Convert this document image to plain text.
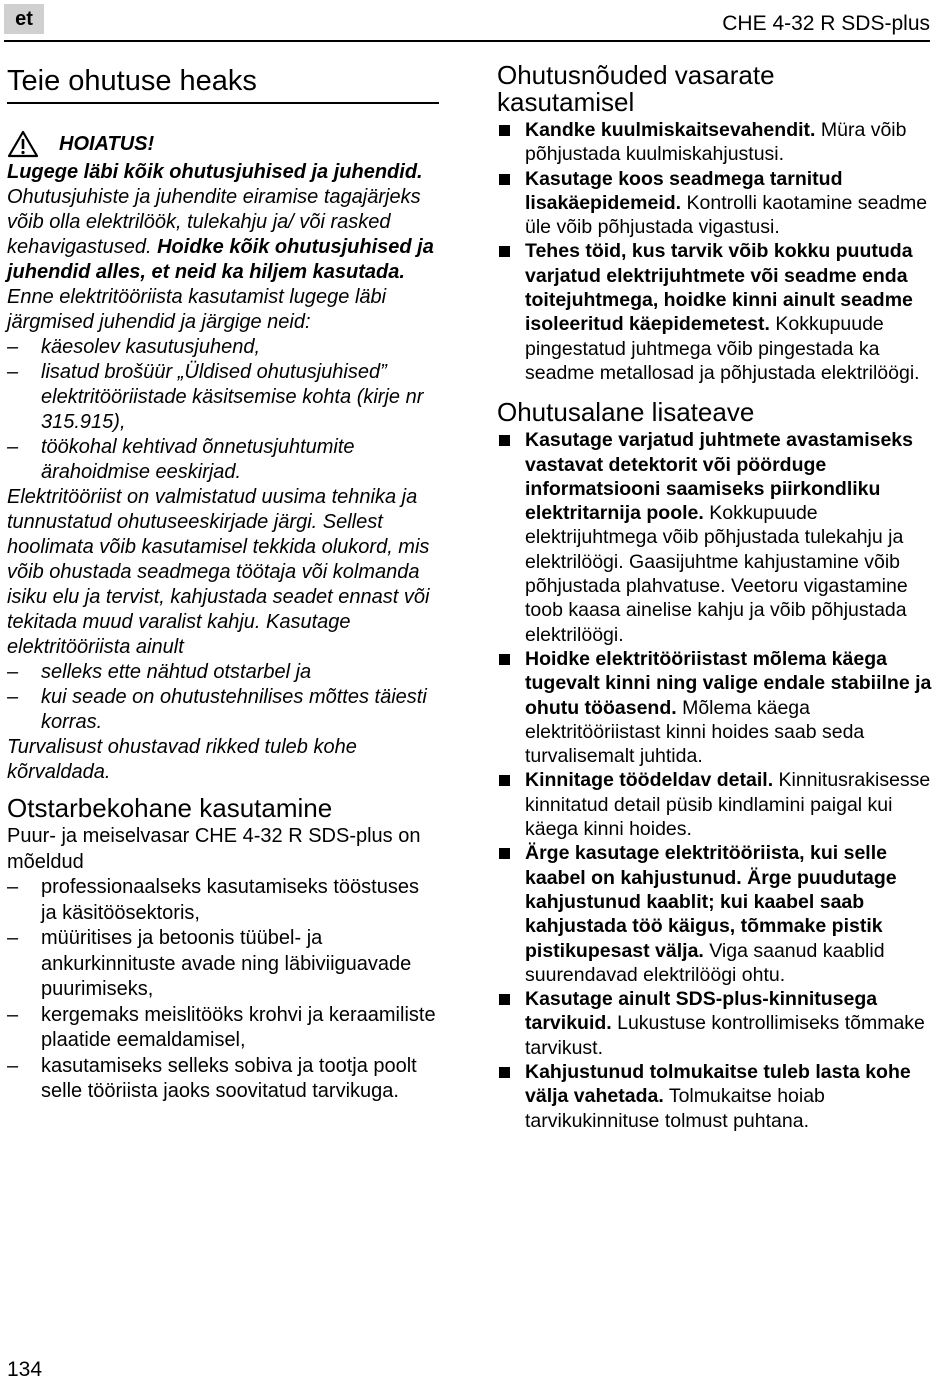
et	CHE 4-32 R SDS-plus
Teie ohutuse heaks
HOIATUS!

Lugege läbi kõik ohutusjuhised ja juhendid.

Ohutusjuhiste ja juhendite eiramise tagajärjeks võib olla elektrilöök, tulekahju ja/ või rasked kehavigastused. Hoidke kõik ohutusjuhised ja juhendid alles, et neid ka hiljem kasutada.

Enne elektritööriista kasutamist lugege läbi järgmised juhendid ja järgige neid:

– käesolev kasutusjuhend,
– lisatud brošüür „Üldised ohutusjuhised” elektritööriistade käsitsemise kohta (kirje nr 315.915),
– töökohal kehtivad õnnetusjuhtumite ärahoidmise eeskirjad.

Elektritööriist on valmistatud uusima tehnika ja tunnustatud ohutuseeskirjade järgi. Sellest hoolimata võib kasutamisel tekkida olukord, mis võib ohustada seadmega töötaja või kolmanda isiku elu ja tervist, kahjustada seadet ennast või tekitada muud varalist kahju. Kasutage elektritööriista ainult

– selleks ette nähtud otstarbel ja
– kui seade on ohutustehnilises mõttes täiesti korras.

Turvalisust ohustavad rikked tuleb kohe kõrvaldada.

Otstarbekohane kasutamine

Puur- ja meiselvasar CHE 4-32 R SDS-plus on mõeldud

– professionaalseks kasutamiseks tööstuses ja käsitöösektoris,
– müüritises ja betoonis tüübel- ja ankurkinnituste avade ning läbiviiguavade puurimiseks,
– kergemaks meislitööks krohvi ja keraamiliste plaatide eemaldamisel,
– kasutamiseks selleks sobiva ja tootja poolt selle tööriista jaoks soovitatud tarvikuga.
Ohutusnõuded vasarate kasutamisel
Kandke kuulmiskaitsevahendit. Müra võib põhjustada kuulmiskahjustusi.
Kasutage koos seadmega tarnitud lisakäepidemeid. Kontrolli kaotamine seadme üle võib põhjustada vigastusi.
Tehes töid, kus tarvik võib kokku puutuda varjatud elektrijuhtmete või seadme enda toitejuhtmega, hoidke kinni ainult seadme isoleeritud käepidemetest. Kokkupuude pingestatud juhtmega võib pingestada ka seadme metallosad ja põhjustada elektrilöögi.
Ohutusalane lisateave
Kasutage varjatud juhtmete avastamiseks vastavat detektorit või pöörduge informatsiooni saamiseks piirkondliku elektritarnija poole. Kokkupuude elektrijuhtmega võib põhjustada tulekahju ja elektrilöögi. Gaasijuhtme kahjustamine võib põhjustada plahvatuse. Veetoru vigastamine toob kaasa ainelise kahju ja võib põhjustada elektrilöögi.
Hoidke elektritööriistast mõlema käega tugevalt kinni ning valige endale stabiilne ja ohutu tööasend. Mõlema käega elektritööriistast kinni hoides saab seda turvalisemalt juhtida.
Kinnitage töödeldav detail. Kinnitusrakisesse kinnitatud detail püsib kindlamini paigal kui käega kinni hoides.
Ärge kasutage elektritööriista, kui selle kaabel on kahjustunud. Ärge puudutage kahjustunud kaablit; kui kaabel saab kahjustada töö käigus, tõmmake pistik pistikupesast välja. Viga saanud kaablid suurendavad elektrilöögi ohtu.
Kasutage ainult SDS-plus-kinnitusega tarvikuid. Lukustuse kontrollimiseks tõmmake tarvikust.
Kahjustunud tolmukaitse tuleb lasta kohe välja vahetada. Tolmukaitse hoiab tarvikukinnituse tolmust puhtana.
134
